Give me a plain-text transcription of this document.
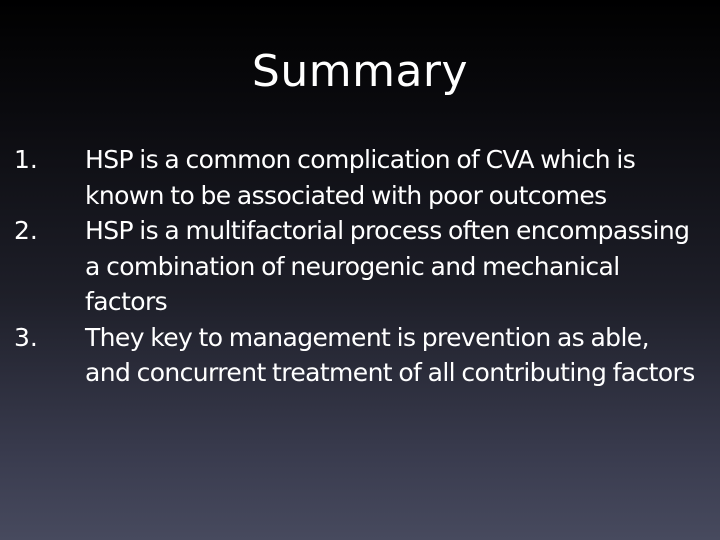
Summary
1.	HSP is a common complication of CVA which is known to be associated with poor outcomes
2.	HSP is a multifactorial process often encompassing a combination of neurogenic and mechanical factors
3.	They key to management is prevention as able, and concurrent treatment of all contributing factors
